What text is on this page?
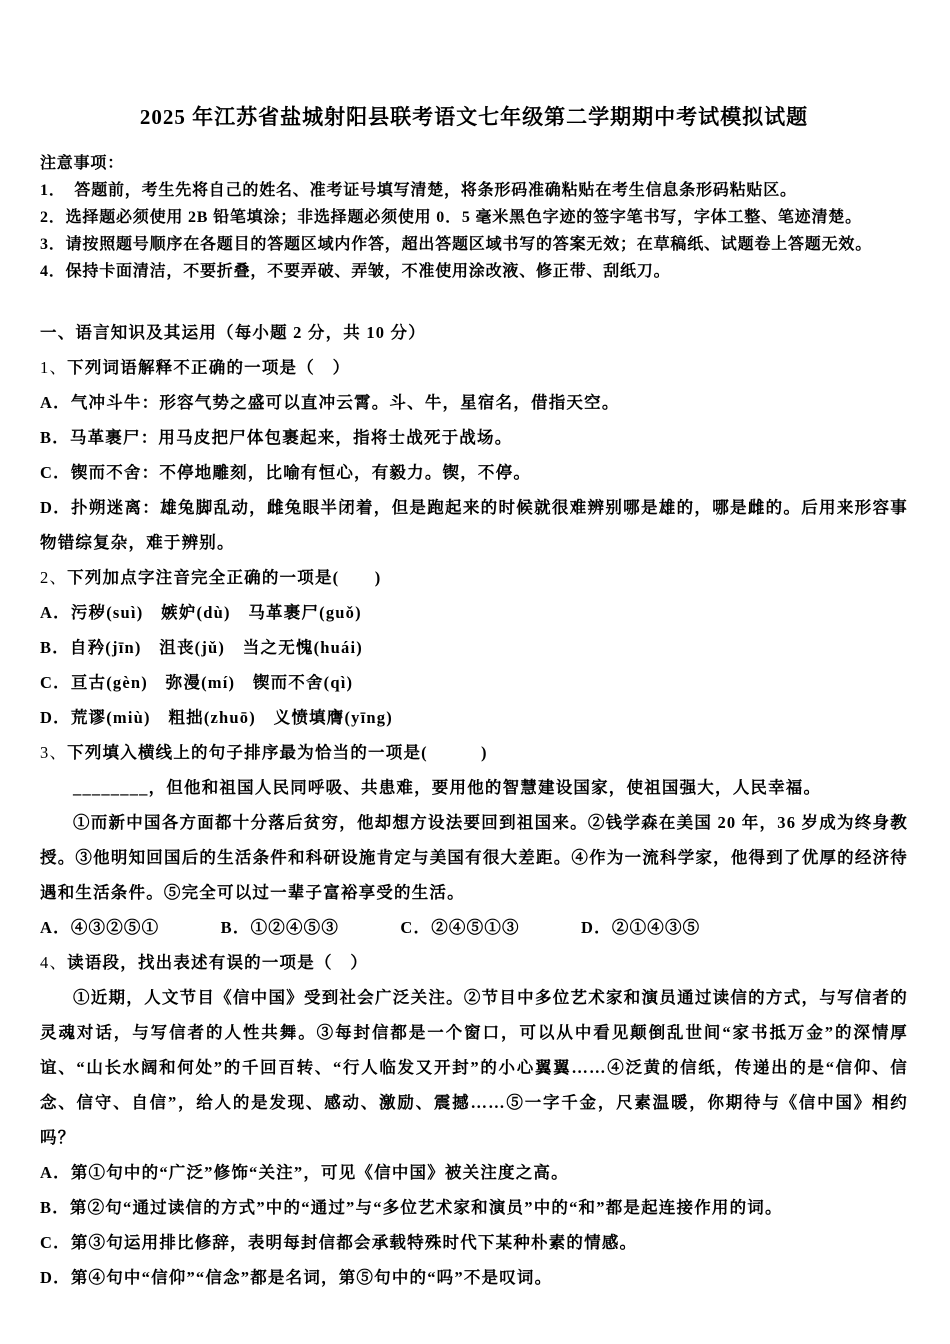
2025 年江苏省盐城射阳县联考语文七年级第二学期期中考试模拟试题

注意事项：

1．　答题前，考生先将自己的姓名、准考证号填写清楚，将条形码准确粘贴在考生信息条形码粘贴区。

2．选择题必须使用 2B 铅笔填涂；非选择题必须使用 0．5 毫米黑色字迹的签字笔书写，字体工整、笔迹清楚。

3．请按照题号顺序在各题目的答题区域内作答，超出答题区域书写的答案无效；在草稿纸、试题卷上答题无效。

4．保持卡面清洁，不要折叠，不要弄破、弄皱，不准使用涂改液、修正带、刮纸刀。

一、语言知识及其运用（每小题 2 分，共 10 分）

1、下列词语解释不正确的一项是（　）

A．气冲斗牛：形容气势之盛可以直冲云霄。斗、牛，星宿名，借指天空。

B．马革裹尸：用马皮把尸体包裹起来，指将士战死于战场。

C．锲而不舍：不停地雕刻，比喻有恒心，有毅力。锲，不停。

D．扑朔迷离：雄兔脚乱动，雌兔眼半闭着，但是跑起来的时候就很难辨别哪是雄的，哪是雌的。后用来形容事物错综复杂，难于辨别。

2、下列加点字注音完全正确的一项是(　　)

A．污秽(suì)　嫉妒(dù)　马革裹尸(guǒ)

B．自矜(jīn)　沮丧(jǔ)　当之无愧(huái)

C．亘古(gèn)　弥漫(mí)　锲而不舍(qì)

D．荒谬(miù)　粗拙(zhuō)　义愤填膺(yīng)

3、下列填入横线上的句子排序最为恰当的一项是(　　　)

________，但他和祖国人民同呼吸、共患难，要用他的智慧建设国家，使祖国强大，人民幸福。

①而新中国各方面都十分落后贫穷，他却想方设法要回到祖国来。②钱学森在美国 20 年，36 岁成为终身教授。③他明知回国后的生活条件和科研设施肯定与美国有很大差距。④作为一流科学家，他得到了优厚的经济待遇和生活条件。⑤完全可以过一辈子富裕享受的生活。

A．④③②⑤①	B．①②④⑤③	C．②④⑤①③	D．②①④③⑤

4、读语段，找出表述有误的一项是（　）

①近期，人文节目《信中国》受到社会广泛关注。②节目中多位艺术家和演员通过读信的方式，与写信者的灵魂对话，与写信者的人性共舞。③每封信都是一个窗口，可以从中看见颠倒乱世间“家书抵万金”的深情厚谊、“山长水阔和何处”的千回百转、“行人临发又开封”的小心翼翼……④泛黄的信纸，传递出的是“信仰、信念、信守、自信”，给人的是发现、感动、激励、震撼……⑤一字千金，尺素温暖，你期待与《信中国》相约吗？

A．第①句中的“广泛”修饰“关注”，可见《信中国》被关注度之高。

B．第②句“通过读信的方式”中的“通过”与“多位艺术家和演员”中的“和”都是起连接作用的词。

C．第③句运用排比修辞，表明每封信都会承载特殊时代下某种朴素的情感。

D．第④句中“信仰”“信念”都是名词，第⑤句中的“吗”不是叹词。
